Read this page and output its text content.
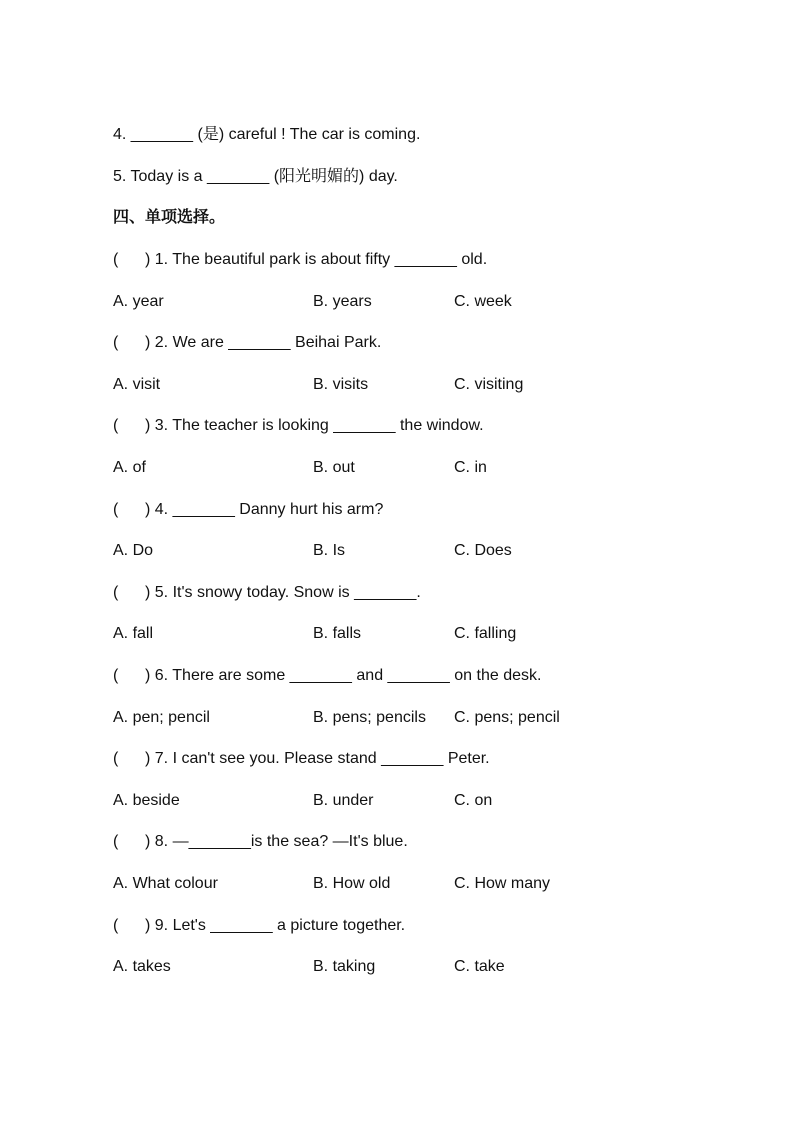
4. _______ (是) careful ! The car is coming.
5. Today is a _______ (阳光明媚的) day.
四、单项选择。
(      ) 1. The beautiful park is about fifty _______ old.
A. year	B. years	C. week
(      ) 2. We are _______ Beihai Park.
A. visit	B. visits	C. visiting
(      ) 3. The teacher is looking _______ the window.
A. of	B. out	C. in
(      ) 4. _______ Danny hurt his arm?
A. Do	B. Is	C. Does
(      ) 5. It's snowy today. Snow is _______.
A. fall	B. falls	C. falling
(      ) 6. There are some _______ and _______ on the desk.
A. pen; pencil	B. pens; pencils C. pens; pencil
(      ) 7. I can't see you. Please stand _______ Peter.
A. beside	B. under	C. on
(      ) 8. —_______is the sea? —It's blue.
A. What colour	B. How old	C. How many
(      ) 9. Let's _______ a picture together.
A. takes	B. taking	C. take
